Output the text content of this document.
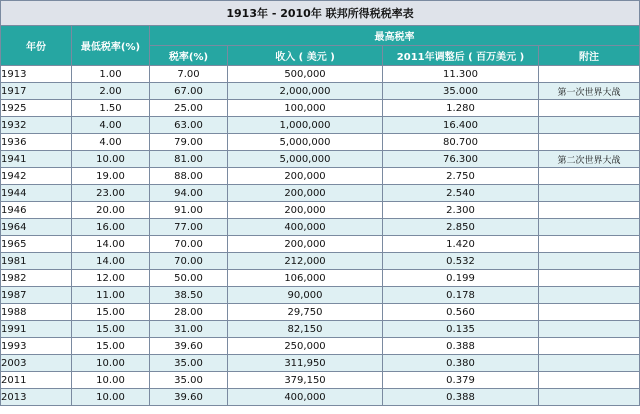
1913年 - 2010年 联邦所得税税率表					
年份	最低税率(%)	最高税率			
		税率(%)	收入 ( 美元 )	2011年调整后 ( 百万美元 )	附注
1913	1.00	7.00	500,000	11.300	
1917	2.00	67.00	2,000,000	35.000	第一次世界大战
1925	1.50	25.00	100,000	1.280	
1932	4.00	63.00	1,000,000	16.400	
1936	4.00	79.00	5,000,000	80.700	
1941	10.00	81.00	5,000,000	76.300	第二次世界大战
1942	19.00	88.00	200,000	2.750	
1944	23.00	94.00	200,000	2.540	
1946	20.00	91.00	200,000	2.300	
1964	16.00	77.00	400,000	2.850	
1965	14.00	70.00	200,000	1.420	
1981	14.00	70.00	212,000	0.532	
1982	12.00	50.00	106,000	0.199	
1987	11.00	38.50	90,000	0.178	
1988	15.00	28.00	29,750	0.560	
1991	15.00	31.00	82,150	0.135	
1993	15.00	39.60	250,000	0.388	
2003	10.00	35.00	311,950	0.380	
2011	10.00	35.00	379,150	0.379	
2013	10.00	39.60	400,000	0.388	
